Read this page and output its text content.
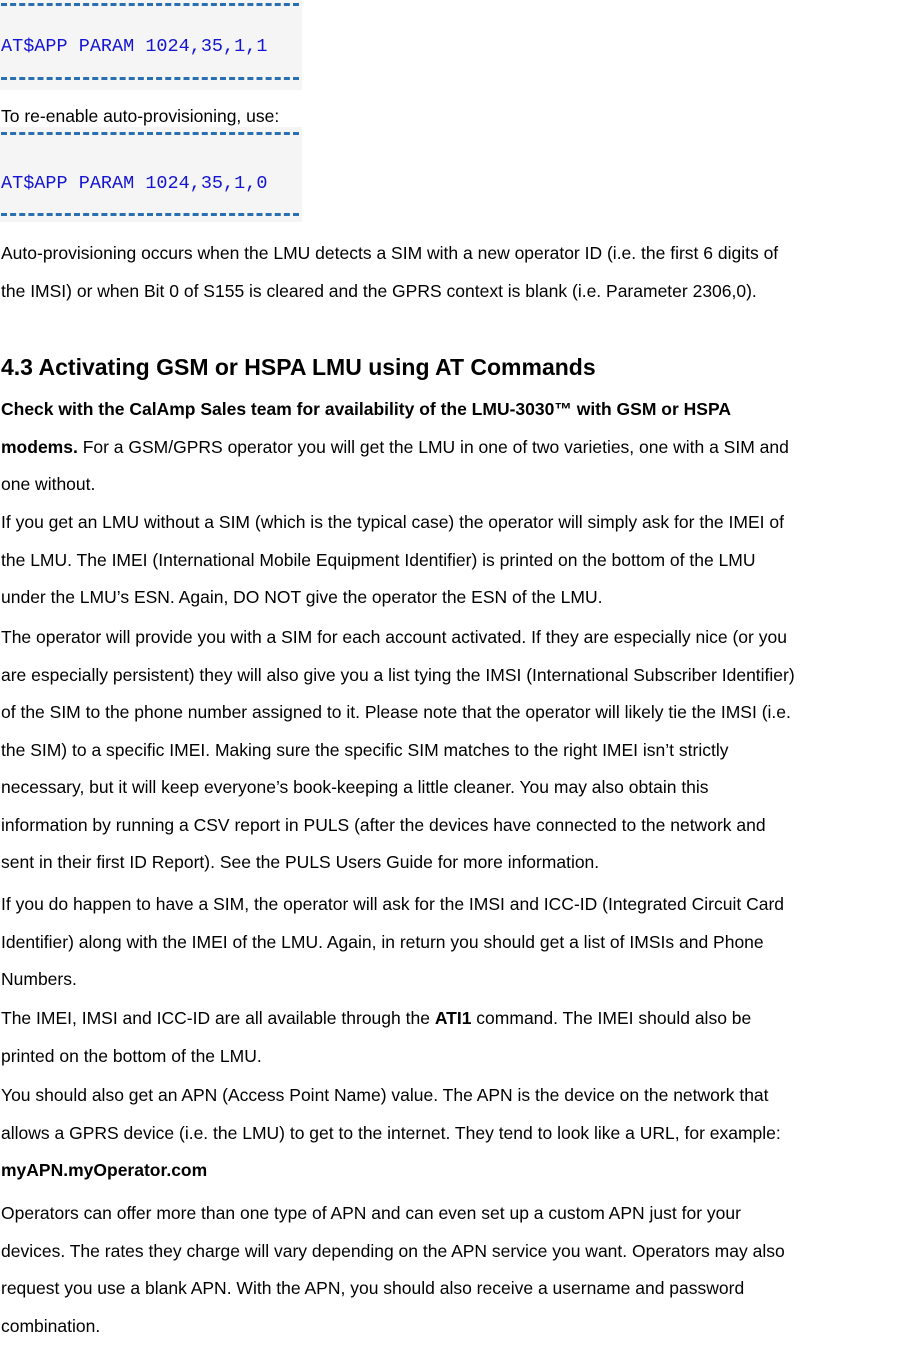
AT$APP PARAM 1024,35,1,1
To re-enable auto-provisioning, use:
AT$APP PARAM 1024,35,1,0
Auto-provisioning occurs when the LMU detects a SIM with a new operator ID (i.e. the first 6 digits of
the IMSI) or when Bit 0 of S155 is cleared and the GPRS context is blank (i.e. Parameter 2306,0).
4.3 Activating GSM or HSPA LMU using AT Commands
Check with the CalAmp Sales team for availability of the LMU-3030™ with GSM or HSPA
modems. For a GSM/GPRS operator you will get the LMU in one of two varieties, one with a SIM and
one without.
If you get an LMU without a SIM (which is the typical case) the operator will simply ask for the IMEI of
the LMU. The IMEI (International Mobile Equipment Identifier) is printed on the bottom of the LMU
under the LMU’s ESN. Again, DO NOT give the operator the ESN of the LMU.
The operator will provide you with a SIM for each account activated. If they are especially nice (or you
are especially persistent) they will also give you a list tying the IMSI (International Subscriber Identifier)
of the SIM to the phone number assigned to it. Please note that the operator will likely tie the IMSI (i.e.
the SIM) to a specific IMEI. Making sure the specific SIM matches to the right IMEI isn’t strictly
necessary, but it will keep everyone’s book-keeping a little cleaner. You may also obtain this
information by running a CSV report in PULS (after the devices have connected to the network and
sent in their first ID Report). See the PULS Users Guide for more information.
If you do happen to have a SIM, the operator will ask for the IMSI and ICC-ID (Integrated Circuit Card
Identifier) along with the IMEI of the LMU. Again, in return you should get a list of IMSIs and Phone
Numbers.
The IMEI, IMSI and ICC-ID are all available through the ATI1 command. The IMEI should also be
printed on the bottom of the LMU.
You should also get an APN (Access Point Name) value. The APN is the device on the network that
allows a GPRS device (i.e. the LMU) to get to the internet. They tend to look like a URL, for example:
myAPN.myOperator.com
Operators can offer more than one type of APN and can even set up a custom APN just for your
devices. The rates they charge will vary depending on the APN service you want. Operators may also
request you use a blank APN. With the APN, you should also receive a username and password
combination.
